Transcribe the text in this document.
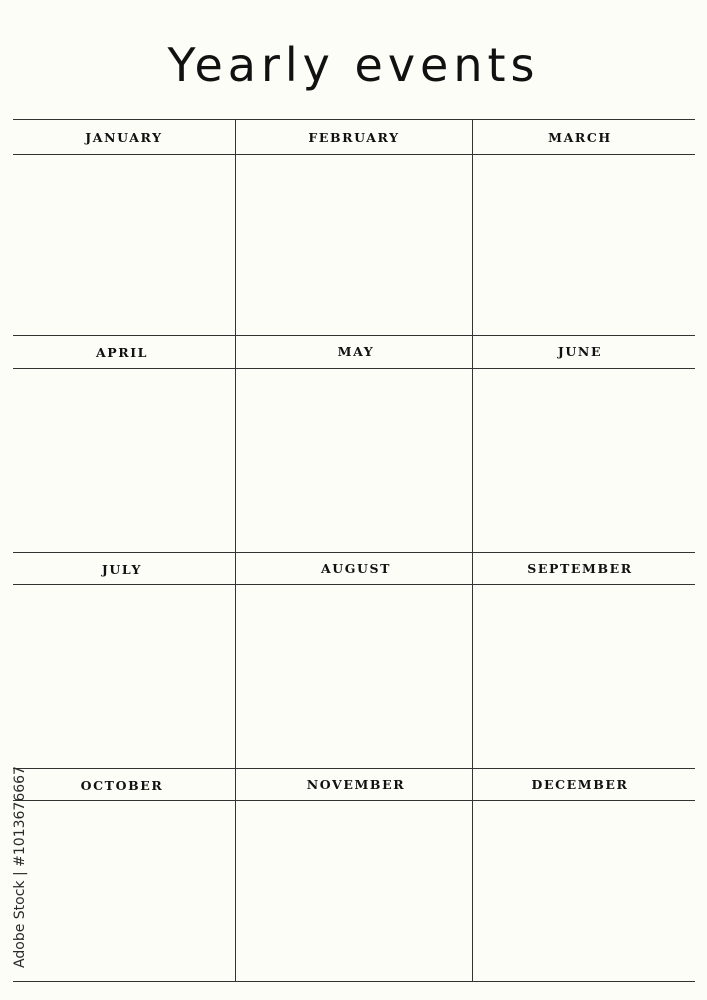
Yearly events
JANUARY	FEBRUARY	MARCH
APRIL	MAY	JUNE
JULY	AUGUST	SEPTEMBER
OCTOBER	NOVEMBER	DECEMBER
Adobe Stock | #1013676667
